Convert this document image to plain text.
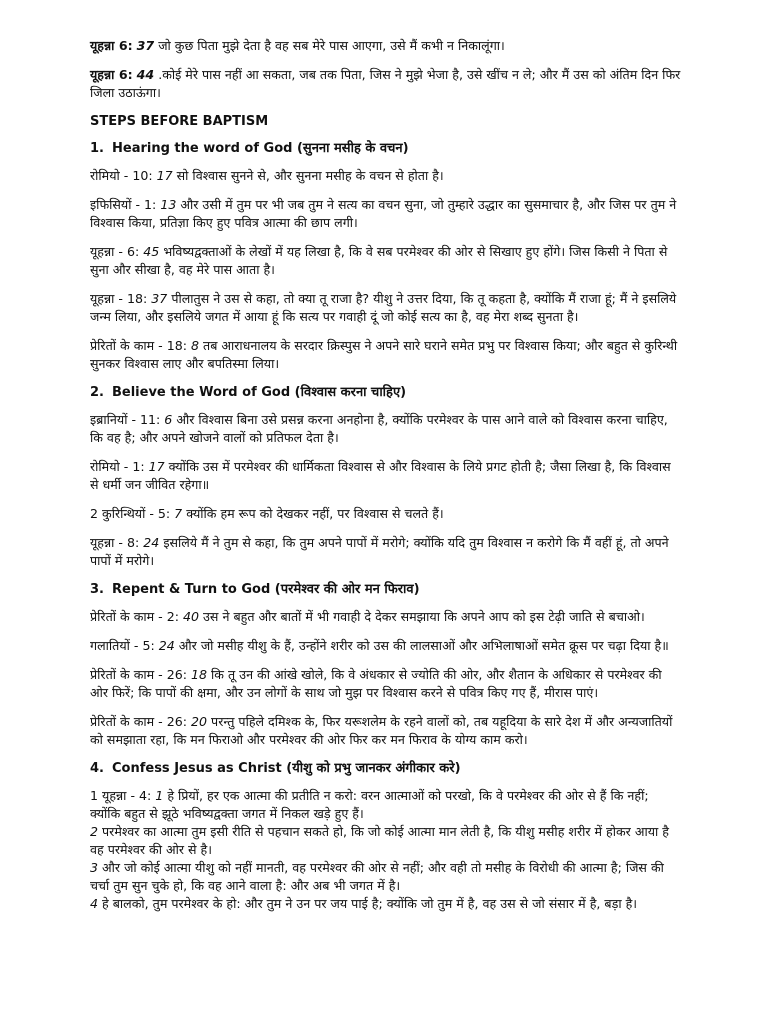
यूहन्ना 6: 37 जो कुछ पिता मुझे देता है वह सब मेरे पास आएगा, उसे मैं कभी न निकालूंगा।

यूहन्ना 6: 44 .कोई मेरे पास नहीं आ सकता, जब तक पिता, जिस ने मुझे भेजा है, उसे खींच न ले; और मैं उस को अंतिम दिन फिर जिला उठाऊंगा।

STEPS BEFORE BAPTISM

1. Hearing the word of God (सुनना मसीह के वचन)

रोमियो - 10: 17 सो विश्वास सुनने से, और सुनना मसीह के वचन से होता है।

इफिसियों - 1: 13 और उसी में तुम पर भी जब तुम ने सत्य का वचन सुना, जो तुम्हारे उद्धार का सुसमाचार है, और जिस पर तुम ने विश्वास किया, प्रतिज्ञा किए हुए पवित्र आत्मा की छाप लगी।

यूहन्ना - 6: 45 भविष्यद्वक्ताओं के लेखों में यह लिखा है, कि वे सब परमेश्वर की ओर से सिखाए हुए होंगे। जिस किसी ने पिता से सुना और सीखा है, वह मेरे पास आता है।

यूहन्ना - 18: 37 पीलातुस ने उस से कहा, तो क्या तू राजा है? यीशु ने उत्तर दिया, कि तू कहता है, क्योंकि मैं राजा हूं; मैं ने इसलिये जन्म लिया, और इसलिये जगत में आया हूं कि सत्य पर गवाही दूं जो कोई सत्य का है, वह मेरा शब्द सुनता है।

प्रेरितों के काम - 18: 8 तब आराधनालय के सरदार क्रिस्पुस ने अपने सारे घराने समेत प्रभु पर विश्वास किया; और बहुत से कुरिन्थी सुनकर विश्वास लाए और बपतिस्मा लिया।

2. Believe the Word of God (विश्वास करना चाहिए)

इब्रानियों - 11: 6 और विश्वास बिना उसे प्रसन्न करना अनहोना है, क्योंकि परमेश्वर के पास आने वाले को विश्वास करना चाहिए, कि वह है; और अपने खोजने वालों को प्रतिफल देता है।

रोमियो - 1: 17 क्योंकि उस में परमेश्वर की धार्मिकता विश्वास से और विश्वास के लिये प्रगट होती है; जैसा लिखा है, कि विश्वास से धर्मी जन जीवित रहेगा॥

2 कुरिन्थियों - 5: 7 क्योंकि हम रूप को देखकर नहीं, पर विश्वास से चलते हैं।

यूहन्ना - 8: 24 इसलिये मैं ने तुम से कहा, कि तुम अपने पापों में मरोगे; क्योंकि यदि तुम विश्वास न करोगे कि मैं वहीं हूं, तो अपने पापों में मरोगे।

3. Repent & Turn to God (परमेश्वर की ओर मन फिराव)

प्रेरितों के काम - 2: 40 उस ने बहुत और बातों में भी गवाही दे देकर समझाया कि अपने आप को इस टेढ़ी जाति से बचाओ।

गलातियों - 5: 24 और जो मसीह यीशु के हैं, उन्होंने शरीर को उस की लालसाओं और अभिलाषाओं समेत क्रूस पर चढ़ा दिया है॥

प्रेरितों के काम - 26: 18 कि तू उन की आंखे खोले, कि वे अंधकार से ज्योति की ओर, और शैतान के अधिकार से परमेश्वर की ओर फिरें; कि पापों की क्षमा, और उन लोगों के साथ जो मुझ पर विश्वास करने से पवित्र किए गए हैं, मीरास पाएं।

प्रेरितों के काम - 26: 20 परन्तु पहिले दमिश्क के, फिर यरूशलेम के रहने वालों को, तब यहूदिया के सारे देश में और अन्यजातियों को समझाता रहा, कि मन फिराओ और परमेश्वर की ओर फिर कर मन फिराव के योग्य काम करो।

4. Confess Jesus as Christ (यीशु को प्रभु जानकर अंगीकार करे)

1 यूहन्ना - 4: 1 हे प्रियों, हर एक आत्मा की प्रतीति न करो: वरन आत्माओं को परखो, कि वे परमेश्वर की ओर से हैं कि नहीं; क्योंकि बहुत से झूठे भविष्यद्वक्ता जगत में निकल खड़े हुए हैं।

2 परमेश्वर का आत्मा तुम इसी रीति से पहचान सकते हो, कि जो कोई आत्मा मान लेती है, कि यीशु मसीह शरीर में होकर आया है वह परमेश्वर की ओर से है।

3 और जो कोई आत्मा यीशु को नहीं मानती, वह परमेश्वर की ओर से नहीं; और वही तो मसीह के विरोधी की आत्मा है; जिस की चर्चा तुम सुन चुके हो, कि वह आने वाला है: और अब भी जगत में है।

4 हे बालको, तुम परमेश्वर के हो: और तुम ने उन पर जय पाई है; क्योंकि जो तुम में है, वह उस से जो संसार में है, बड़ा है।
